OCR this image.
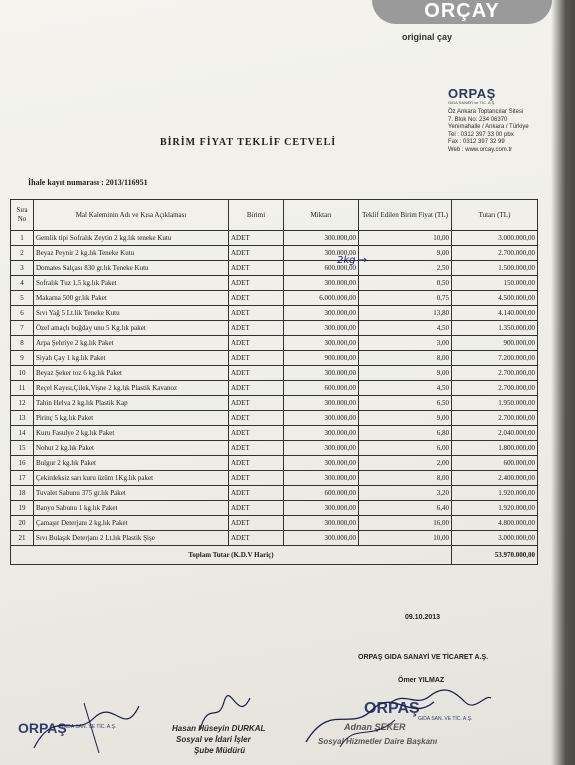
ORÇAY
original çay
ORPAŞ
GIDA SANAYİ ve TİC. A.Ş.
Öz Ankara Toptancılar Sitesi
7. Blok No: 234 06370
Yenimahalle / Ankara / Türkiye
Tel : 0312 397 33 00 pbx
Fax : 0312 397 32 99
Web : www.orcay.com.tr
BİRİM FİYAT TEKLİF CETVELİ
İhale kayıt numarası : 2013/116951
Sıra No	Mal Kaleminin Adı ve Kısa Açıklaması	Birimi	Miktarı	Teklif Edilen Birim Fiyat (TL)	Tutarı (TL)
1	Gemlik tipi Sofralık Zeytin 2 kg.lık teneke Kutu	ADET	300.000,00	10,00	3.000.000,00
2	Beyaz Peynir 2 kg.lık Teneke Kutu	ADET	300.000,00	9,00	2.700.000,00
3	Domates Salçası 830 gr.lık Teneke Kutu	ADET	600.000,00	2,50	1.500.000,00
4	Sofralık Tuz 1,5 kg.lık Paket	ADET	300.000,00	0,50	150.000,00
5	Makarna 500 gr.lık Paket	ADET	6.000.000,00	0,75	4.500.000,00
6	Sıvı Yağ 5 Lt.lik Teneke Kutu	ADET	300.000,00	13,80	4.140.000,00
7	Özel amaçlı buğday unu 5 Kg.lık paket	ADET	300.000,00	4,50	1.350.000,00
8	Arpa Şehriye 2 kg.lık Paket	ADET	300.000,00	3,00	900.000,00
9	Siyah Çay 1 kg.lık Paket	ADET	900.000,00	8,00	7.200.000,00
10	Beyaz Şeker toz 6 kg.lık Paket	ADET	300.000,00	9,00	2.700.000,00
11	Reçel Kayısı,Çilek,Vişne 2 kg.lık Plastik Kavanoz	ADET	600.000,00	4,50	2.700.000,00
12	Tahin Helva 2 kg.lık Plastik Kap	ADET	300.000,00	6,50	1.950.000,00
13	Pirinç 5 kg.lık Paket	ADET	300.000,00	9,00	2.700.000,00
14	Kuru Fasulye 2 kg.lık Paket	ADET	300.000,00	6,80	2.040.000,00
15	Nohut 2 kg.lık Paket	ADET	300.000,00	6,00	1.800.000,00
16	Bulgur 2 kg.lık Paket	ADET	300.000,00	2,00	600.000,00
17	Çekirdeksiz sarı kuru üzüm 1Kg.lık paket	ADET	300.000,00	8,00	2.400.000,00
18	Tuvalet Sabunu 375 gr.lık Paket	ADET	600.000,00	3,20	1.920.000,00
19	Banyo Sabunu 1 kg.lık Paket	ADET	300.000,00	6,40	1.920.000,00
20	Çamaşır Deterjanı 2 kg.lık Paket	ADET	300.000,00	16,00	4.800.000,00
21	Sıvı Bulaşık Deterjanı 2 Lt.lık Plastik Şişe	ADET	300.000,00	10,00	3.000.000,00
Toplam Tutar (K.D.V Hariç)					53.970.000,00
2kg →
09.10.2013
ORPAŞ GIDA SANAYİ VE TİCARET A.Ş.
Ömer YILMAZ
ORPAŞ
GIDA SAN. VE TİC. A.Ş.	Hasan Hüseyin DURKAL
Sosyal ve İdari İşler
Şube Müdürü
ORPAŞ
GIDA SAN. VE TİC. A.Ş.
Adnan ŞEKER
Sosyal Hizmetler Daire Başkanı
